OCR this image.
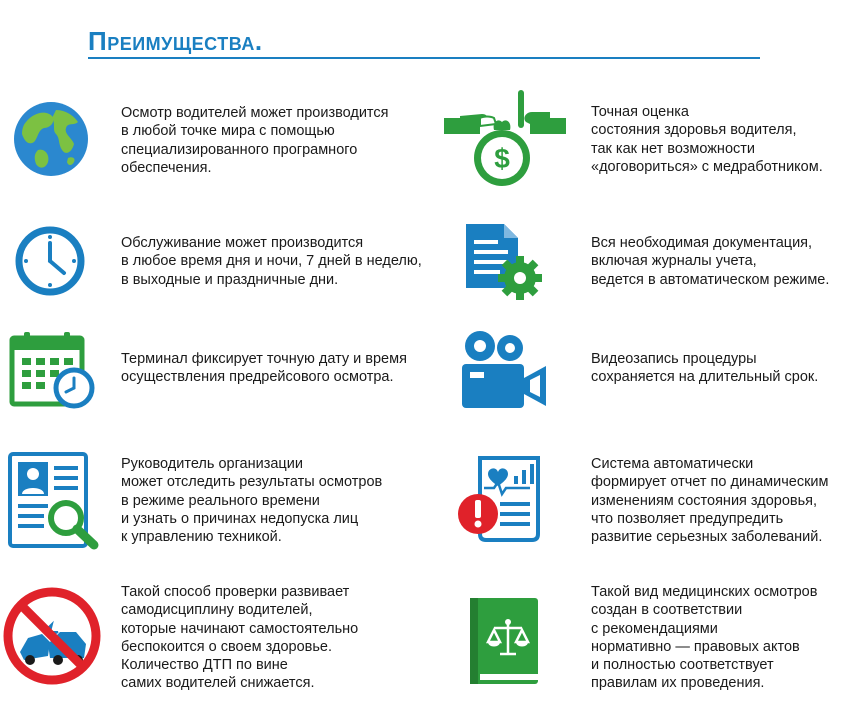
Преимущества.
Осмотр водителей может производится
в любой точке мира с помощью
специализированного програмного
обеспечения.
Обслуживание может производится
в любое время дня и ночи, 7 дней в неделю,
в выходные и праздничные дни.
Терминал фиксирует точную дату и время
осуществления предрейсового осмотра.
Руководитель организации
может отследить результаты осмотров
в режиме реального времени
и узнать о причинах недопуска лиц
к управлению техникой.
Такой способ проверки развивает
самодисциплину водителей,
которые начинают самостоятельно
беспокоится о своем здоровье.
Количество ДТП по вине
самих водителей снижается.
$
Точная оценка
состояния здоровья водителя,
так как нет возможности
«договориться» с медработником.
Вся необходимая документация,
включая журналы учета,
ведется в автоматическом режиме.
Видеозапись процедуры
сохраняется на длительный срок.
Система автоматически
формирует отчет по динамическим
изменениям состояния здоровья,
что позволяет предупредить
развитие серьезных заболеваний.
Такой вид медицинских осмотров
создан в соответствии
с рекомендациями
нормативно — правовых актов
и полностью соответствует
правилам их проведения.
